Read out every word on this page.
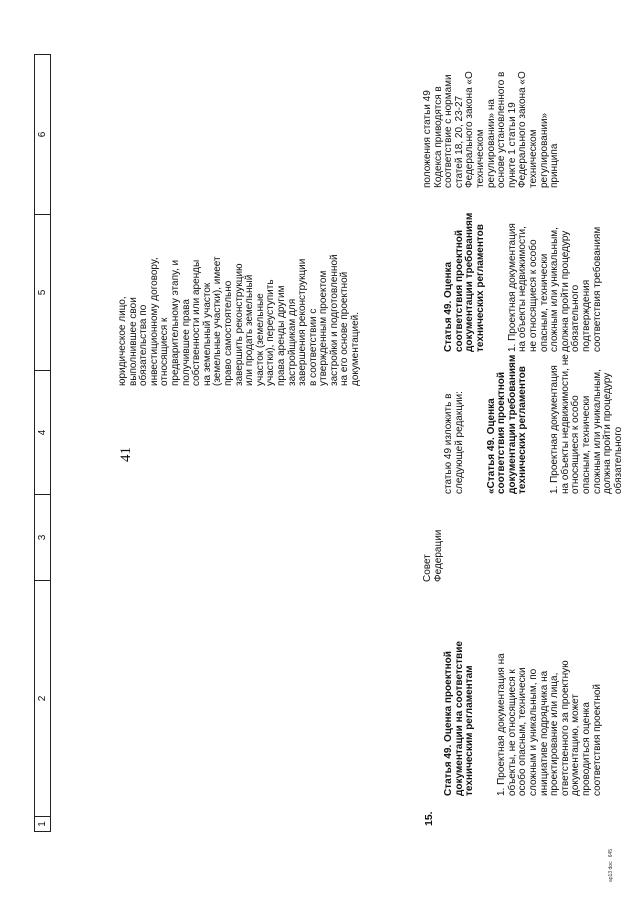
41
1
2
3
4
5
6
15.

Статья 49. Оценка проектной
документации на соответствие
техническим регламентам

1. Проектная документация на
объекты, не относящиеся к
особо опасным, технически
сложным и уникальным, по
инициативе подрядчика на
проектирование или лица,
ответственного за проектную
документацию, может
проводиться оценка
соответствия проектной

Совет
Федерации

статью 49 изложить в
следующей редакции:

«Статья 49. Оценка
соответствия проектной
документации требованиям
технических регламентов

1. Проектная документация
на объекты недвижимости, не
относящиеся к особо
опасным, технически
сложным или уникальным,
должна пройти процедуру
обязательного

юридическое лицо,
выполнившее свои
обязательства по
инвестиционному договору,
относящиеся к
предварительному этапу, и
получившее права
собственности или аренды
на земельный участок
(земельные участки), имеет
право самостоятельно
завершить реконструкцию
или продать земельный
участок (земельные
участки), переуступить
права аренды другим
застройщикам для
завершения реконструкции
в соответствии с
утвержденным проектом
застройки и подготовленной
на его основе проектной
документацией.

	Статья 49. Оценка
соответствия проектной
документации требованиям
технических регламентов

1. Проектная документация
на объекты недвижимости,
не относящиеся к особо
опасным, технически
сложным или уникальным,
должна пройти процедуру
обязательного
подтверждения
соответствия требованиям

положения статьи 49
Кодекса приводятся в
соответствие с нормами
статей 18, 20, 23-27
Федерального закона «О
техническом
регулировании» на
основе установленного в
пункте 1 статьи 19
Федерального закона «О
техническом
регулировании»
принципа
ap13 doc   645
